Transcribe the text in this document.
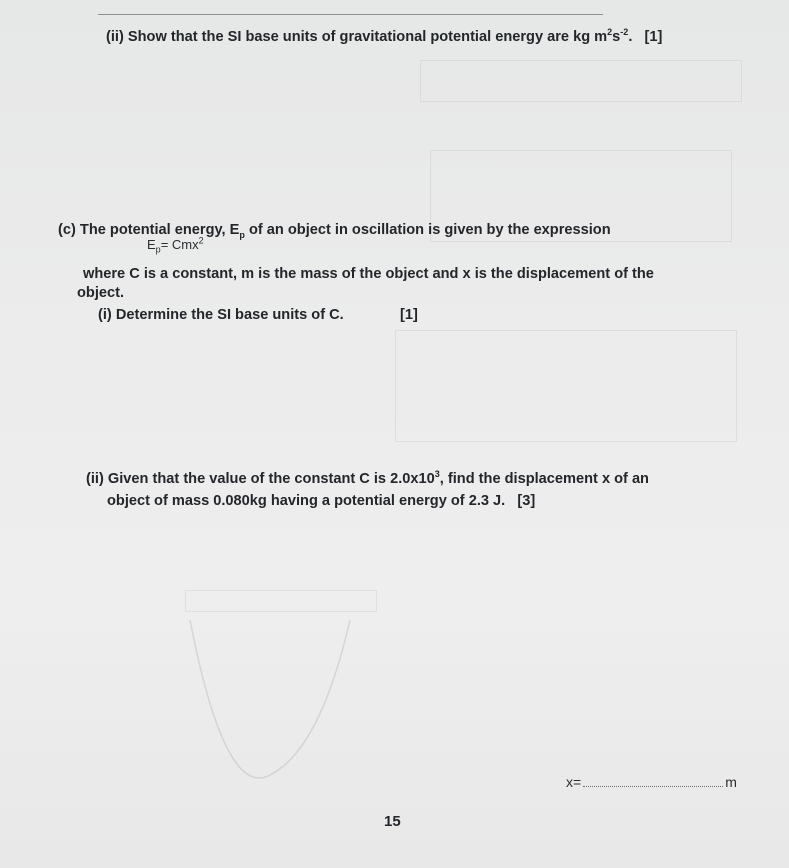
(ii) Show that the SI base units of gravitational potential energy are kg $m^2s^{-2}$. [1]
(c) The potential energy, $E_p$ of an object in oscillation is given by the expression
$E_p= Cmx^2$
where C is a constant, m is the mass of the object and x is the displacement of the
object.
(i) Determine the SI base units of C.	[1]
(ii) Given that the value of the constant C is $2.0x10^3$, find the displacement x of an
object of mass 0.080kg having a potential energy of 2.3 J. [3]
x=	m
15
